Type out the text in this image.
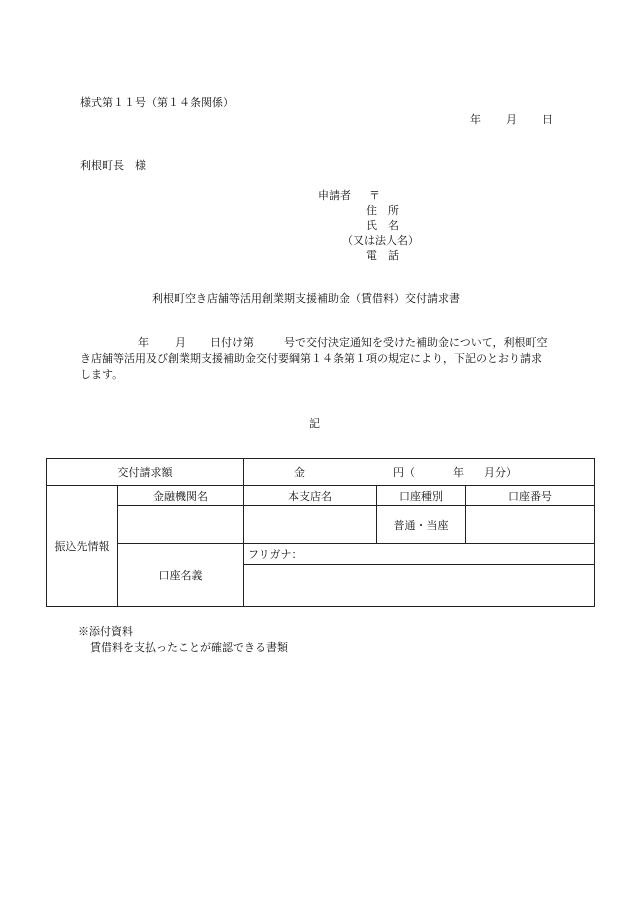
様式第１１号（第１４条関係）
年 月 日
利根町長　様
申請者 〒
住　所
氏　名
（又は法人名）
電　話
利根町空き店舗等活用創業期支援補助金（賃借料）交付請求書
年 月 日付け第	号で交付決定通知を受けた補助金について，利根町空き店舗等活用及び創業期支援補助金交付要綱第１４条第１項の規定により，下記のとおり請求します。
記
交付請求額		金 円（ 年 月分）		
振込先情報	金融機関名	本支店名	口座種別	口座番号
			普通・当座	
	口座名義	フリガナ：		

※添付資料
賃借料を支払ったことが確認できる書類
